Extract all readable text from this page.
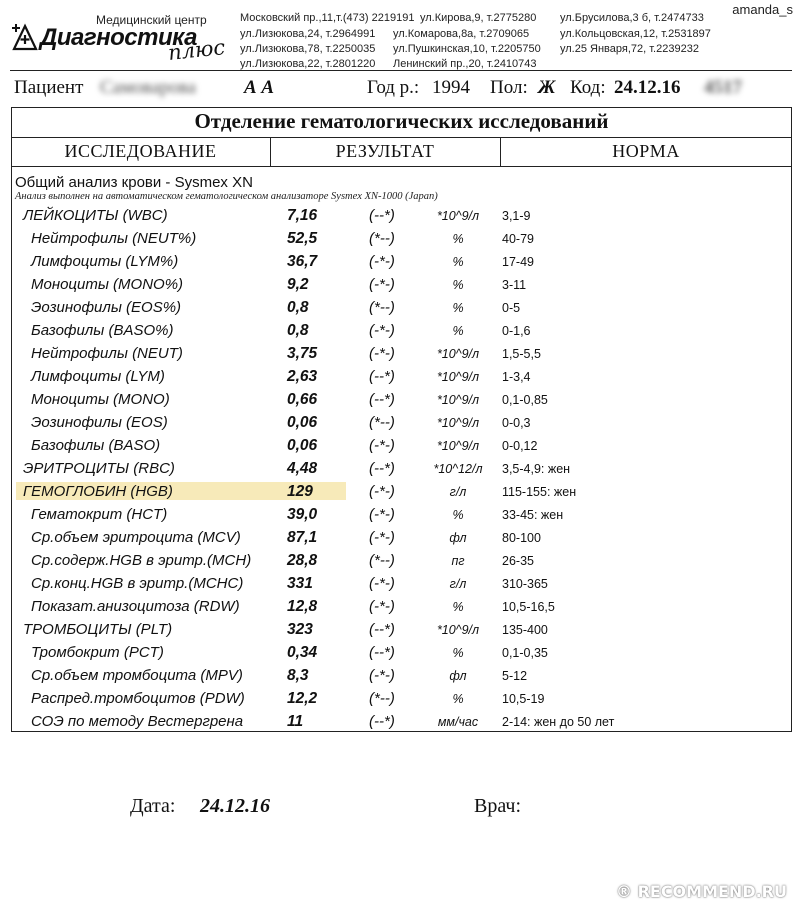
amanda_s
Медицинский центр
Диагностика
плюс
Московский пр.,11,т.(473) 2219191 ул.Кирова,9, т.2775280 ул.Брусилова,3 б, т.2474733
ул.Лизюкова,24, т.2964991 ул.Комарова,8а, т.2709065	ул.Кольцовская,12, т.2531897
ул.Лизюкова,78, т.2250035 ул.Пушкинская,10, т.2205750 ул.25 Января,72, т.2239232
ул.Лизюкова,22, т.2801220 Ленинский пр.,20, т.2410743
Пациент Самоварова	А А	Год р.: 1994 Пол: Ж Код: 24.12.16 4517
Отделение гематологических исследований
ИССЛЕДОВАНИЕ	РЕЗУЛЬТАТ	НОРМА
Общий анализ крови - Sysmex XN
Анализ выполнен на автоматическом гематологическом анализаторе Sysmex XN-1000 (Japan)
ЛЕЙКОЦИТЫ (WBC)	7,16	(--*)	*10^9/л	3,1-9
Нейтрофилы (NEUT%)	52,5	(*--)	%	40-79
Лимфоциты (LYM%)	36,7	(-*-)	%	17-49
Моноциты (MONO%)	9,2	(-*-)	%	3-11
Эозинофилы (EOS%)	0,8	(*--)	%	0-5
Базофилы (BASO%)	0,8	(-*-)	%	0-1,6
Нейтрофилы (NEUT)	3,75	(-*-)	*10^9/л	1,5-5,5
Лимфоциты (LYM)	2,63	(--*)	*10^9/л	1-3,4
Моноциты (MONO)	0,66	(--*)	*10^9/л	0,1-0,85
Эозинофилы (EOS)	0,06	(*--)	*10^9/л	0-0,3
Базофилы (BASO)	0,06	(-*-)	*10^9/л	0-0,12
ЭРИТРОЦИТЫ (RBC)	4,48	(--*)	*10^12/л	3,5-4,9: жен
ГЕМОГЛОБИН (HGB)	129	(-*-)	г/л	115-155: жен
Гематокрит (HCT)	39,0	(-*-)	%	33-45: жен
Ср.объем эритроцита (MCV)	87,1	(-*-)	фл	80-100
Ср.содерж.HGB в эритр.(MCH) 28,8	(*--)	пг	26-35
Ср.конц.HGB в эритр.(MCHC)	331	(-*-)	г/л	310-365
Показат.анизоцитоза (RDW)	12,8	(-*-)	%	10,5-16,5
ТРОМБОЦИТЫ (PLT)	323	(--*)	*10^9/л	135-400
Тромбокрит (PCT)	0,34	(--*)	%	0,1-0,35
Ср.объем тромбоцита (MPV)	8,3	(-*-)	фл	5-12
Распред.тромбоцитов (PDW)	12,2	(*--)	%	10,5-19
СОЭ по методу Вестергрена	11	(--*)	мм/час	2-14: жен до 50 лет
Дата: 24.12.16	Врач:
® RECOMMEND.RU
